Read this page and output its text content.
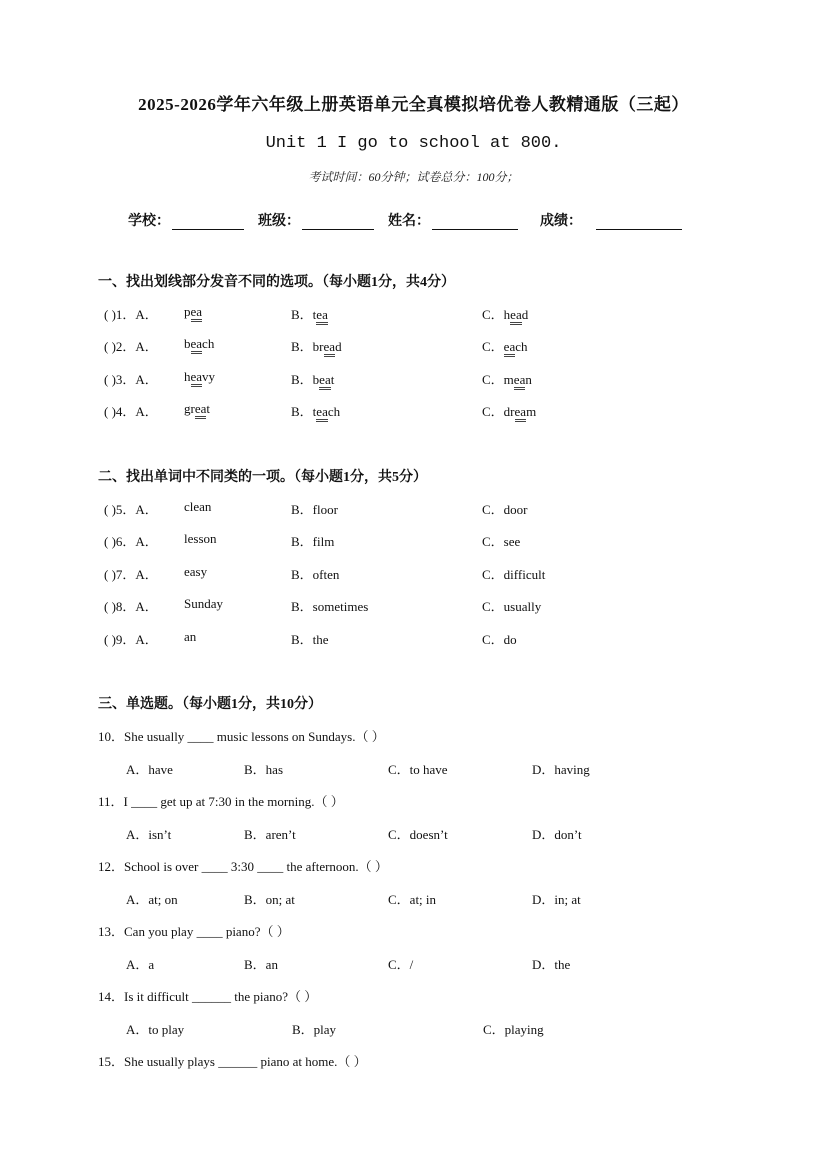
2025-2026学年六年级上册英语单元全真模拟培优卷人教精通版（三起）
Unit 1 I go to school at 800.
考试时间：60分钟；试卷总分：100分；
学校：	班级：	姓名：	成绩：
一、找出划线部分发音不同的选项。（每小题1分，共4分）
( )1．A． pea	B．tea	C．head
( )2．A． beach	B．bread	C．each
( )3．A． heavy	B．beat	C．mean
( )4．A． great	B．teach	C．dream
二、找出单词中不同类的一项。（每小题1分，共5分）
( )5．A． clean	B．floor	C．door
( )6．A． lesson	B．film	C．see
( )7．A． easy	B．often	C．difficult
( )8．A． Sunday	B．sometimes	C．usually
( )9．A． an	B．the	C．do
三、单选题。（每小题1分，共10分）
10．She usually ____ music lessons on Sundays.（ ）
A．have	B．has	C．to have	D．having
11．I ____ get up at 7:30 in the morning.（ ）
A．isn’t	B．aren’t	C．doesn’t	D．don’t
12．School is over ____ 3:30 ____ the afternoon.（ ）
A．at; on	B．on; at	C．at; in	D．in; at
13．Can you play ____ piano?（ ）
A．a	B．an	C．/	D．the
14．Is it difficult ______ the piano?（ ）
A．to play	B．play	C．playing
15．She usually plays ______ piano at home.（ ）
